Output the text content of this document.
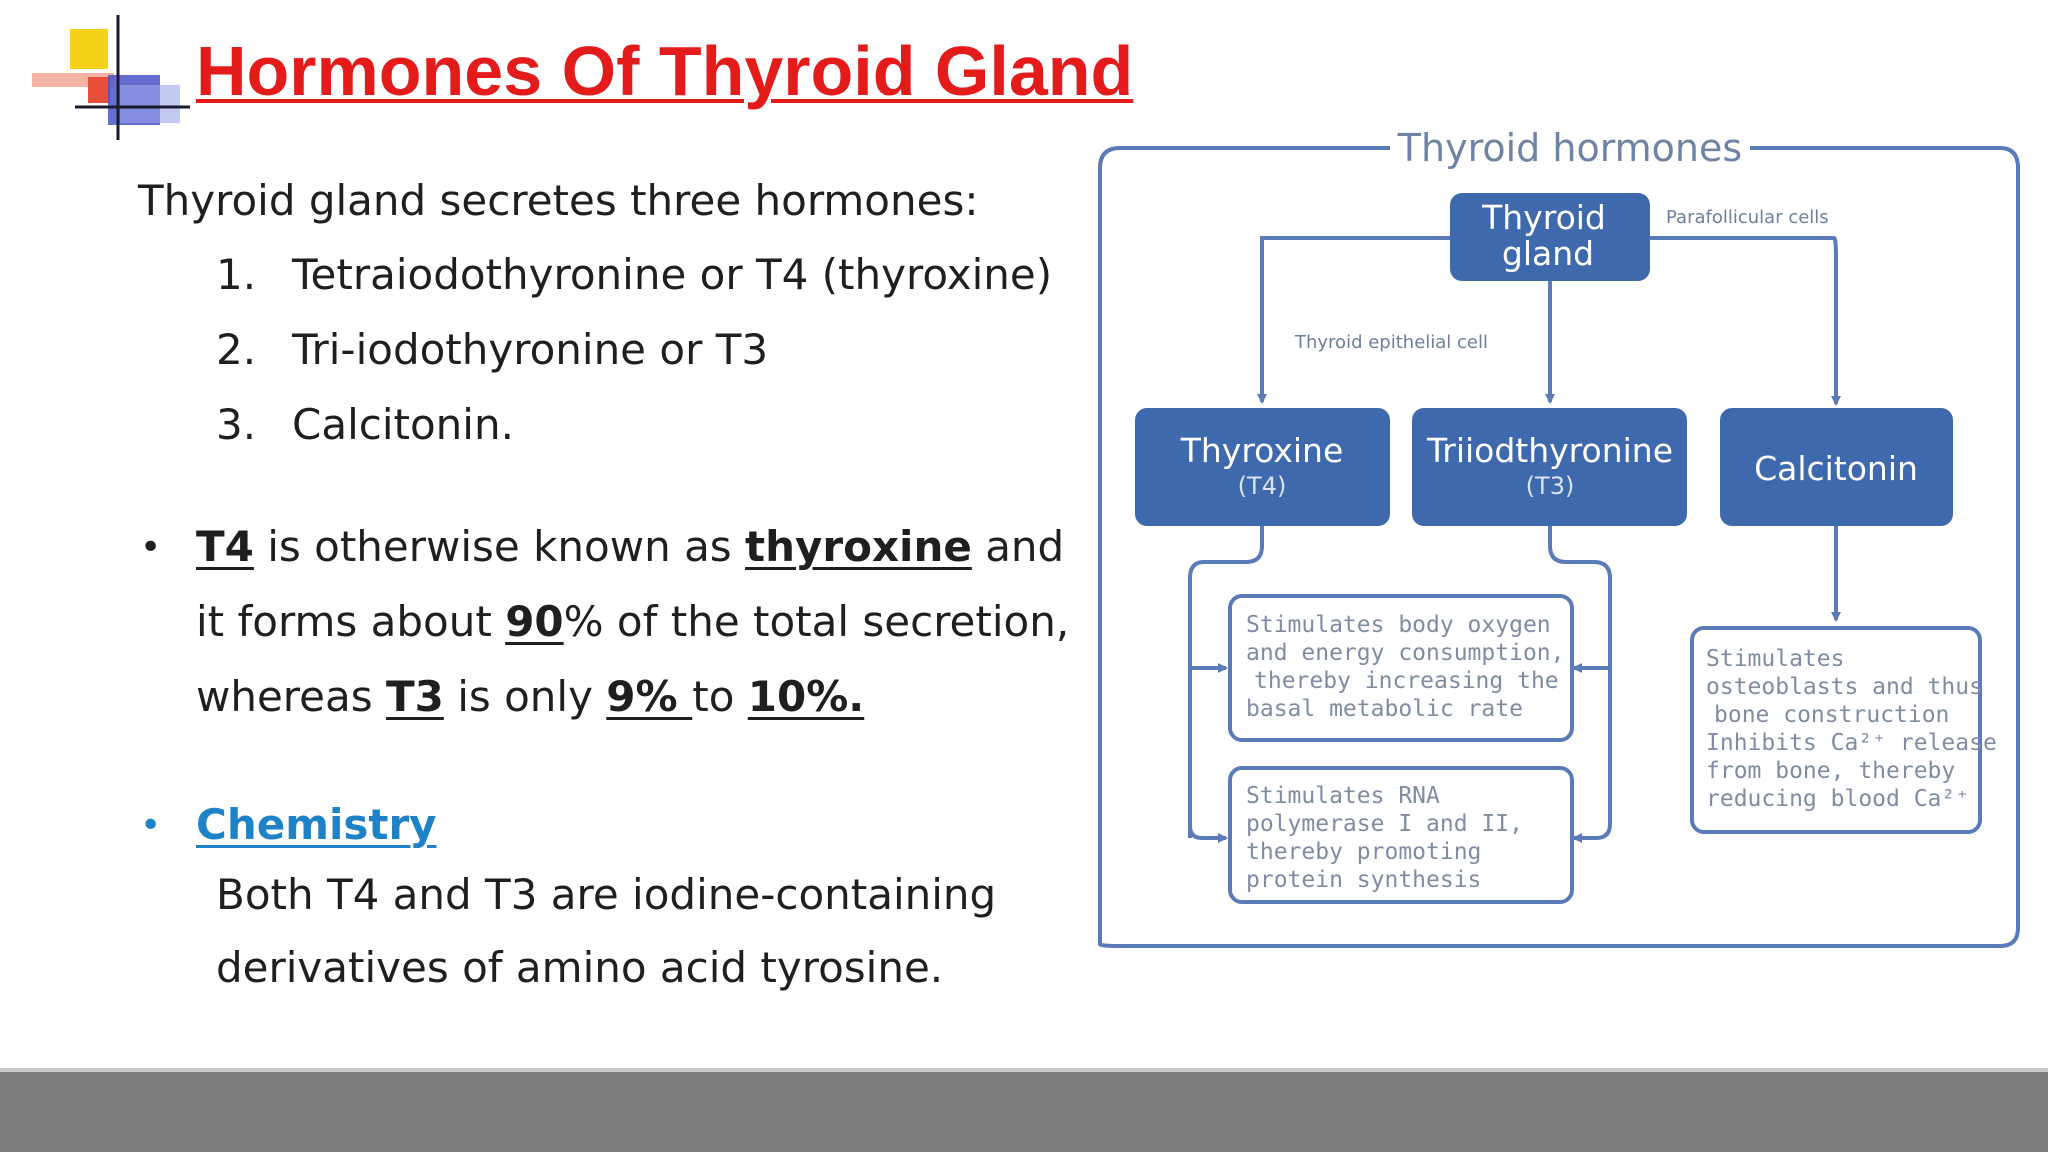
Hormones Of Thyroid Gland

Thyroid gland secretes three hormones:

1. Tetraiodothyronine or T4 (thyroxine)

2. Tri-iodothyronine or T3

3. Calcitonin.

• T4 is otherwise known as thyroxine and

it forms about 90% of the total secretion,

whereas T3 is only 9% to 10%.

• Chemistry

Both T4 and T3 are iodine-containing

derivatives of amino acid tyrosine.

Thyroid hormones
Thyroid
gland
Parafollicular cells
Thyroid epithelial cell
Thyroxine
(T4)
Triiodthyronine
(T3)	Calcitonin
Stimulates body oxygen
and energy consumption,
thereby increasing the
basal metabolic rate
Stimulates RNA
polymerase I and II,
thereby promoting
protein synthesis
Stimulates
osteoblasts and thus
bone construction
Inhibits Ca²⁺ release
from bone, thereby
reducing blood Ca²⁺
